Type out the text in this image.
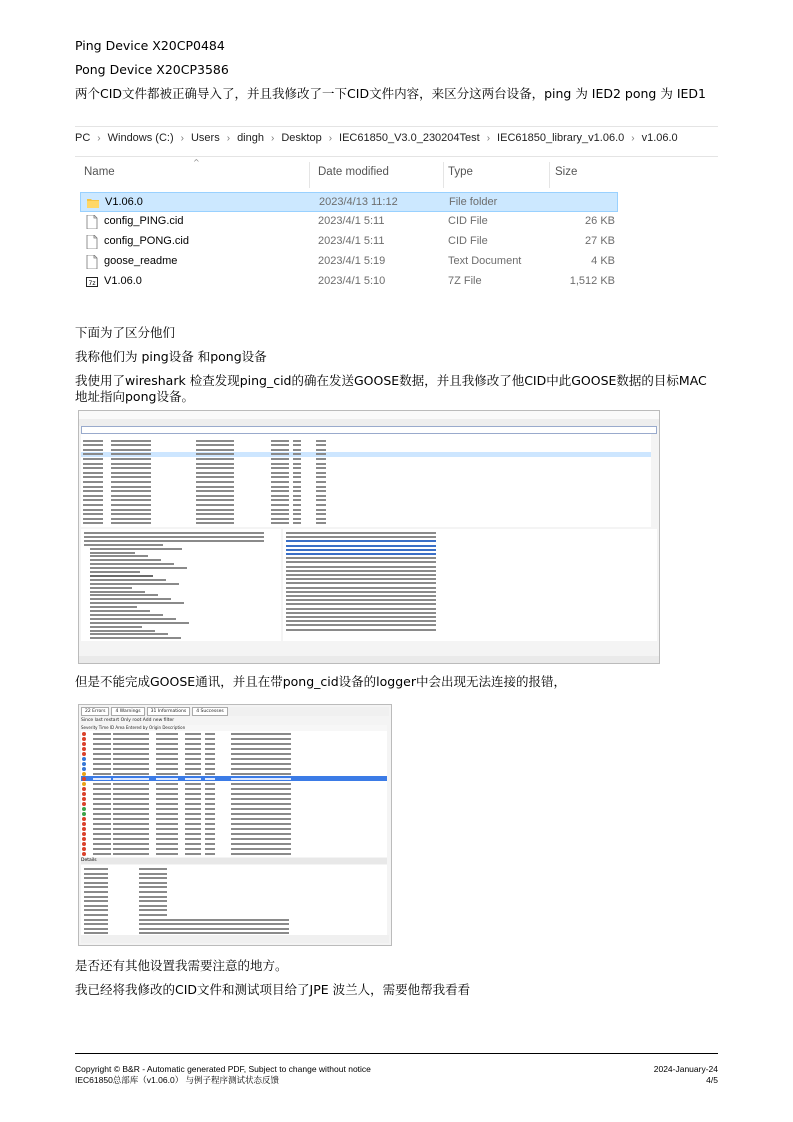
Ping Device X20CP0484
Pong Device X20CP3586
两个CID文件都被正确导入了，并且我修改了一下CID文件内容，来区分这两台设备，ping 为 IED2 pong 为 IED1
PC › Windows (C:) › Users › dingh › Desktop › IEC61850_V3.0_230204Test › IEC61850_library_v1.06.0 › v1.06.0
^
Name	Date modified	Type	Size
V1.06.0	2023/4/13 11:12	File folder
config_PING.cid	2023/4/1 5:11	CID File	26 KB
config_PONG.cid	2023/4/1 5:11	CID File	27 KB
goose_readme	2023/4/1 5:19	Text Document	4 KB
7z V1.06.0	2023/4/1 5:10	7Z File	1,512 KB
下面为了区分他们
我称他们为 ping设备 和pong设备
我使用了wireshark 检查发现ping_cid的确在发送GOOSE数据，并且我修改了他CID中此GOOSE数据的目标MAC地址指向pong设备。
但是不能完成GOOSE通讯，并且在带pong_cid设备的logger中会出现无法连接的报错，
22 Errors 4 Warnings 31 Informations 4 Successes
Since last restart Only root Add new filter
Severity Time ID Area Entered by Origin Description
Details
是否还有其他设置我需要注意的地方。
我已经将我修改的CID文件和测试项目给了JPE 波兰人，需要他帮我看看
Copyright © B&R - Automatic generated PDF, Subject to change without notice
IEC61850总部库（v1.06.0） 与例子程序测试状态反馈
2024-January-24
4/5
